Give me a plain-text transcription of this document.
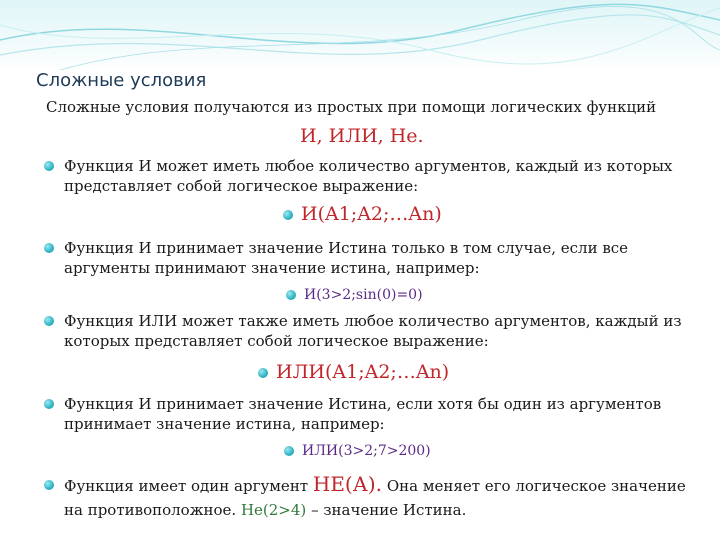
Сложные условия
Сложные условия получаются из простых при помощи логических функций
И, ИЛИ, Не.
Функция И может иметь любое количество аргументов, каждый из которых представляет собой логическое выражение:
И(A1;A2;…An)
Функция И принимает значение Истина только в том случае, если все аргументы принимают значение истина, например:
И(3>2;sin(0)=0)
Функция ИЛИ может также иметь любое количество аргументов, каждый из которых представляет собой логическое выражение:
ИЛИ(A1;A2;…An)
Функция И принимает значение Истина, если хотя бы один из аргументов принимает значение истина, например:
ИЛИ(3>2;7>200)
Функция имеет один аргумент НЕ(А). Она меняет его логическое значение на противоположное. Не(2>4) – значение Истина.
